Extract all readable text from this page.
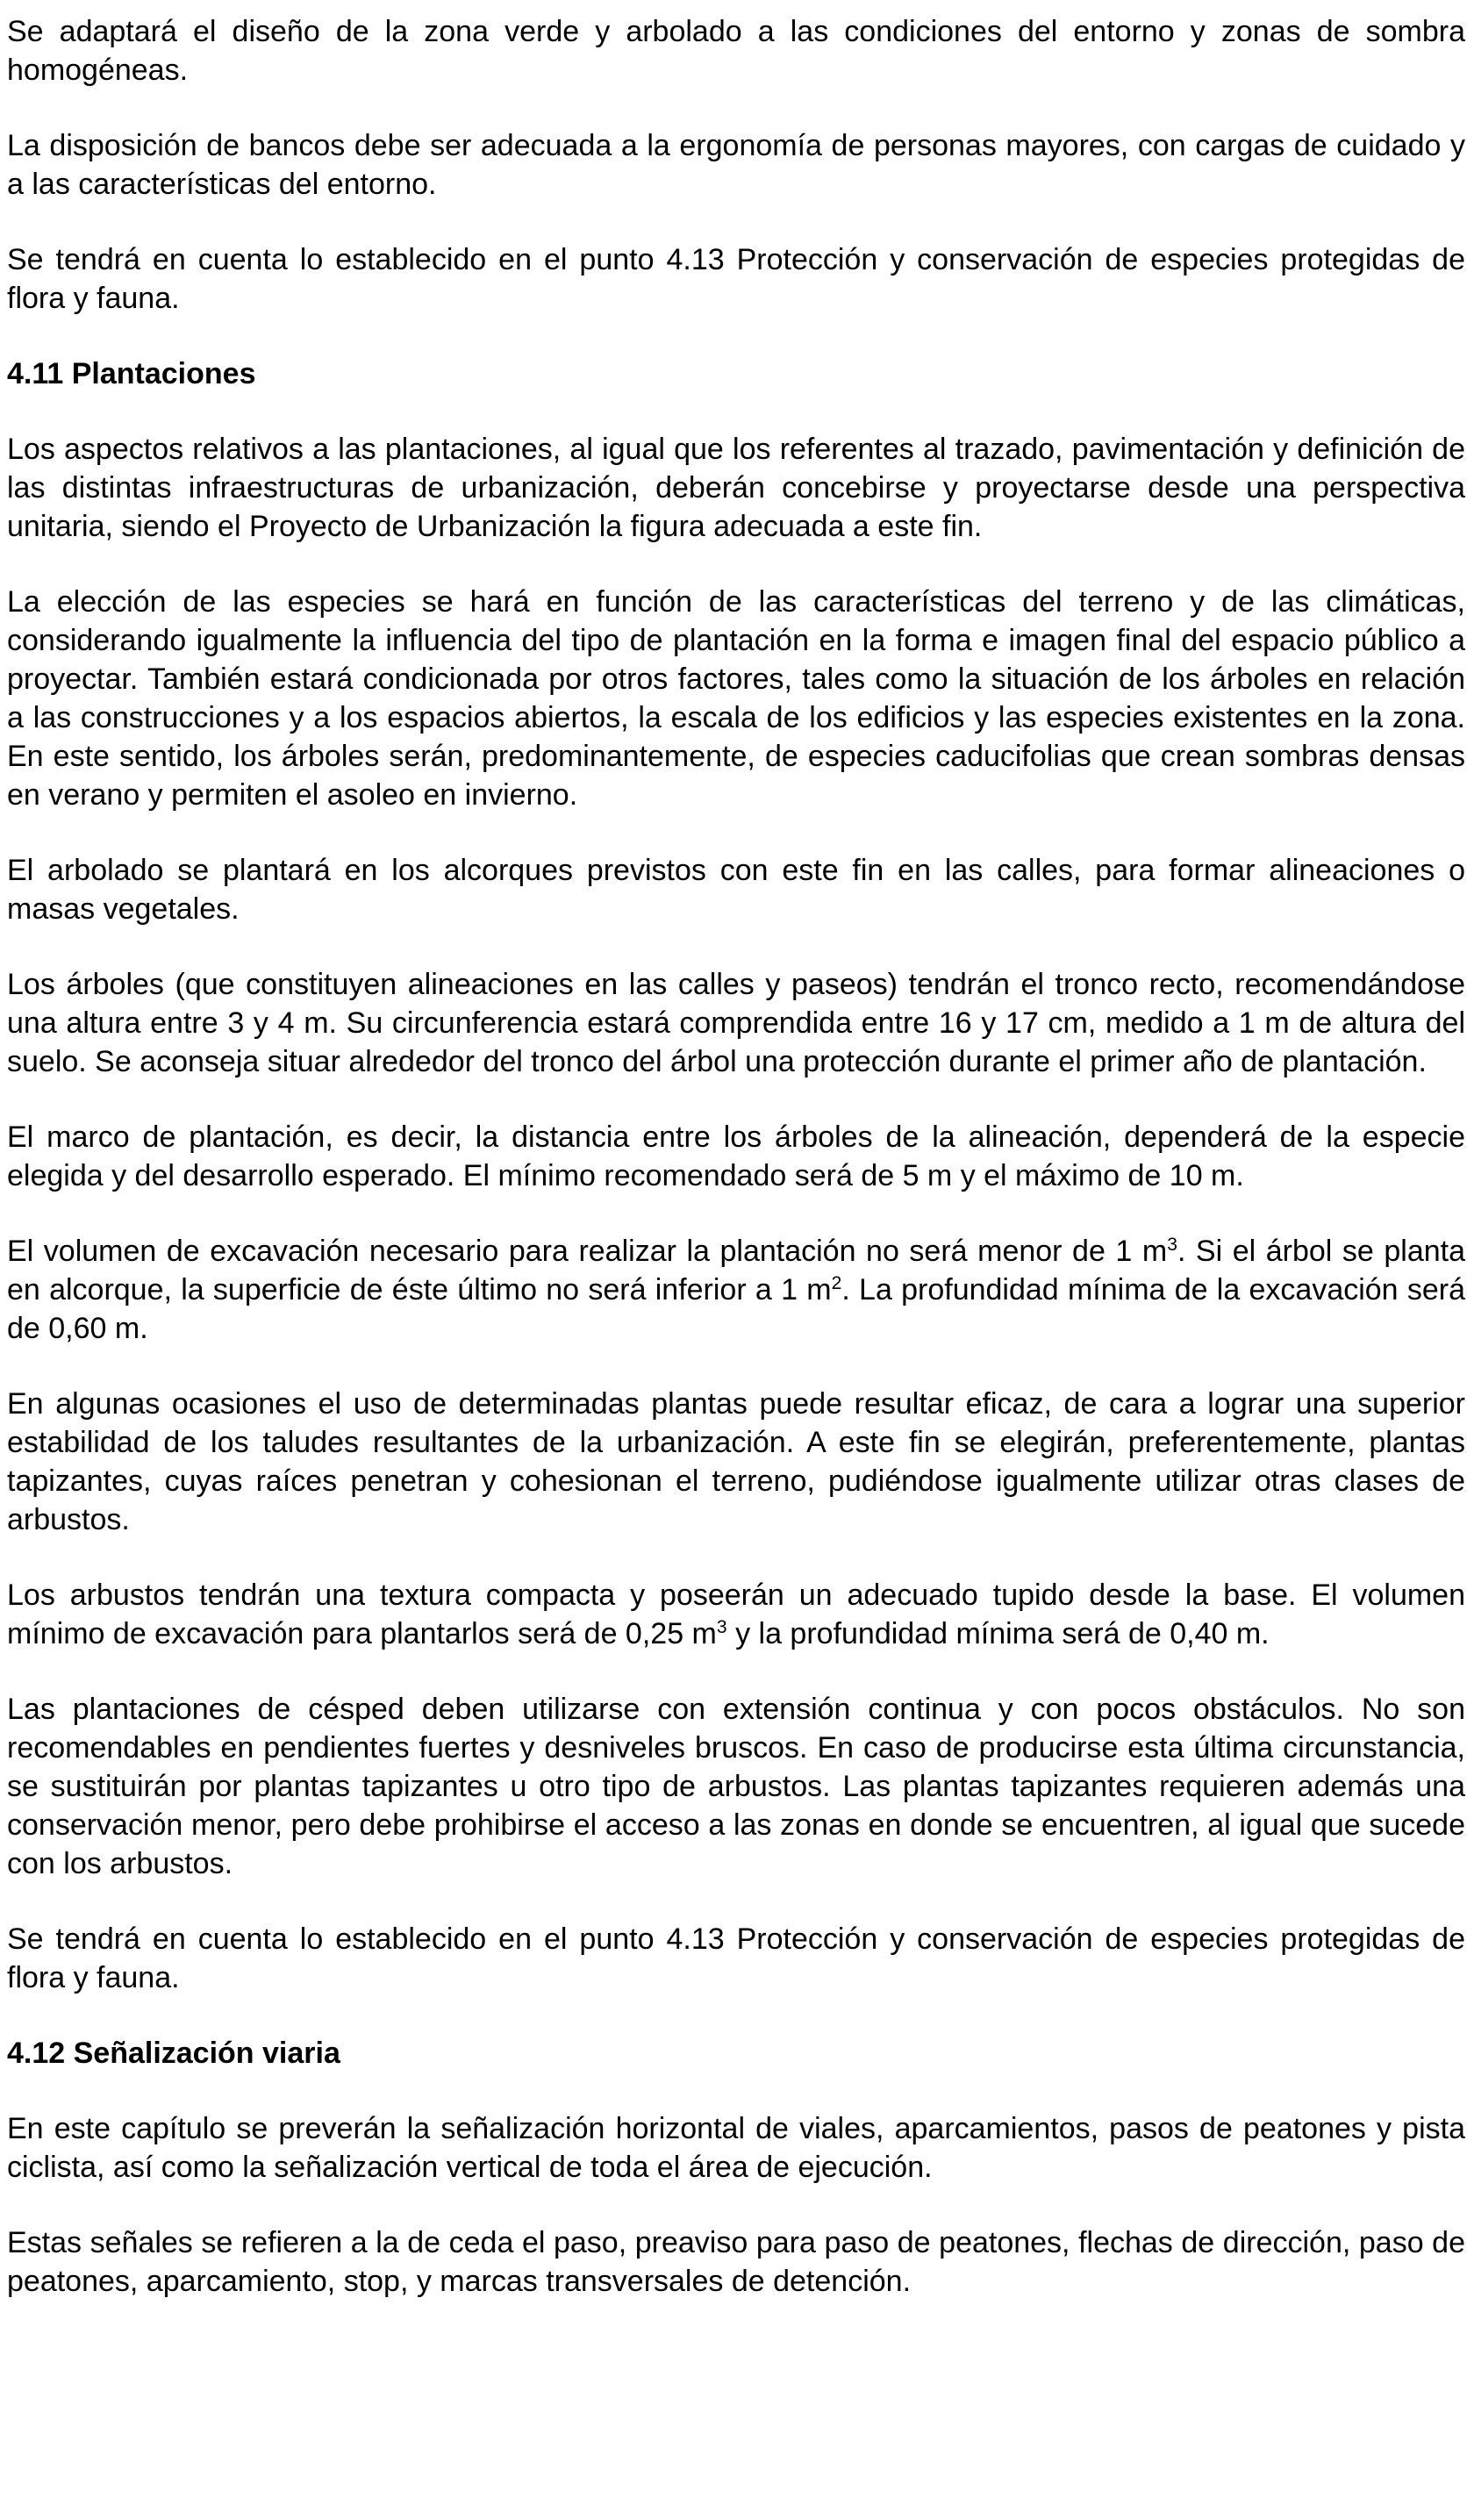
Se adaptará el diseño de la zona verde y arbolado a las condiciones del entorno y zonas de sombra homogéneas.

La disposición de bancos debe ser adecuada a la ergonomía de personas mayores, con cargas de cuidado y a las características del entorno.

Se tendrá en cuenta lo establecido en el punto 4.13 Protección y conservación de especies protegidas de flora y fauna.

4.11 Plantaciones

Los aspectos relativos a las plantaciones, al igual que los referentes al trazado, pavimentación y definición de las distintas infraestructuras de urbanización, deberán concebirse y proyectarse desde una perspectiva unitaria, siendo el Proyecto de Urbanización la figura adecuada a este fin.

La elección de las especies se hará en función de las características del terreno y de las climáticas, considerando igualmente la influencia del tipo de plantación en la forma e imagen final del espacio público a proyectar. También estará condicionada por otros factores, tales como la situación de los árboles en relación a las construcciones y a los espacios abiertos, la escala de los edificios y las especies existentes en la zona. En este sentido, los árboles serán, predominantemente, de especies caducifolias que crean sombras densas en verano y permiten el asoleo en invierno.

El arbolado se plantará en los alcorques previstos con este fin en las calles, para formar alineaciones o masas vegetales.

Los árboles (que constituyen alineaciones en las calles y paseos) tendrán el tronco recto, recomendándose una altura entre 3 y 4 m. Su circunferencia estará comprendida entre 16 y 17 cm, medido a 1 m de altura del suelo. Se aconseja situar alrededor del tronco del árbol una protección durante el primer año de plantación.

El marco de plantación, es decir, la distancia entre los árboles de la alineación, dependerá de la especie elegida y del desarrollo esperado. El mínimo recomendado será de 5 m y el máximo de 10 m.

El volumen de excavación necesario para realizar la plantación no será menor de 1 $m^3$. Si el árbol se planta en alcorque, la superficie de éste último no será inferior a 1 $m^2$. La profundidad mínima de la excavación será de 0,60 m.

En algunas ocasiones el uso de determinadas plantas puede resultar eficaz, de cara a lograr una superior estabilidad de los taludes resultantes de la urbanización. A este fin se elegirán, preferentemente, plantas tapizantes, cuyas raíces penetran y cohesionan el terreno, pudiéndose igualmente utilizar otras clases de arbustos.

Los arbustos tendrán una textura compacta y poseerán un adecuado tupido desde la base. El volumen mínimo de excavación para plantarlos será de 0,25 $m^3$ y la profundidad mínima será de 0,40 m.

Las plantaciones de césped deben utilizarse con extensión continua y con pocos obstáculos. No son recomendables en pendientes fuertes y desniveles bruscos. En caso de producirse esta última circunstancia, se sustituirán por plantas tapizantes u otro tipo de arbustos. Las plantas tapizantes requieren además una conservación menor, pero debe prohibirse el acceso a las zonas en donde se encuentren, al igual que sucede con los arbustos.

Se tendrá en cuenta lo establecido en el punto 4.13 Protección y conservación de especies protegidas de flora y fauna.

4.12 Señalización viaria

En este capítulo se preverán la señalización horizontal de viales, aparcamientos, pasos de peatones y pista ciclista, así como la señalización vertical de toda el área de ejecución.

Estas señales se refieren a la de ceda el paso, preaviso para paso de peatones, flechas de dirección, paso de peatones, aparcamiento, stop, y marcas transversales de detención.
